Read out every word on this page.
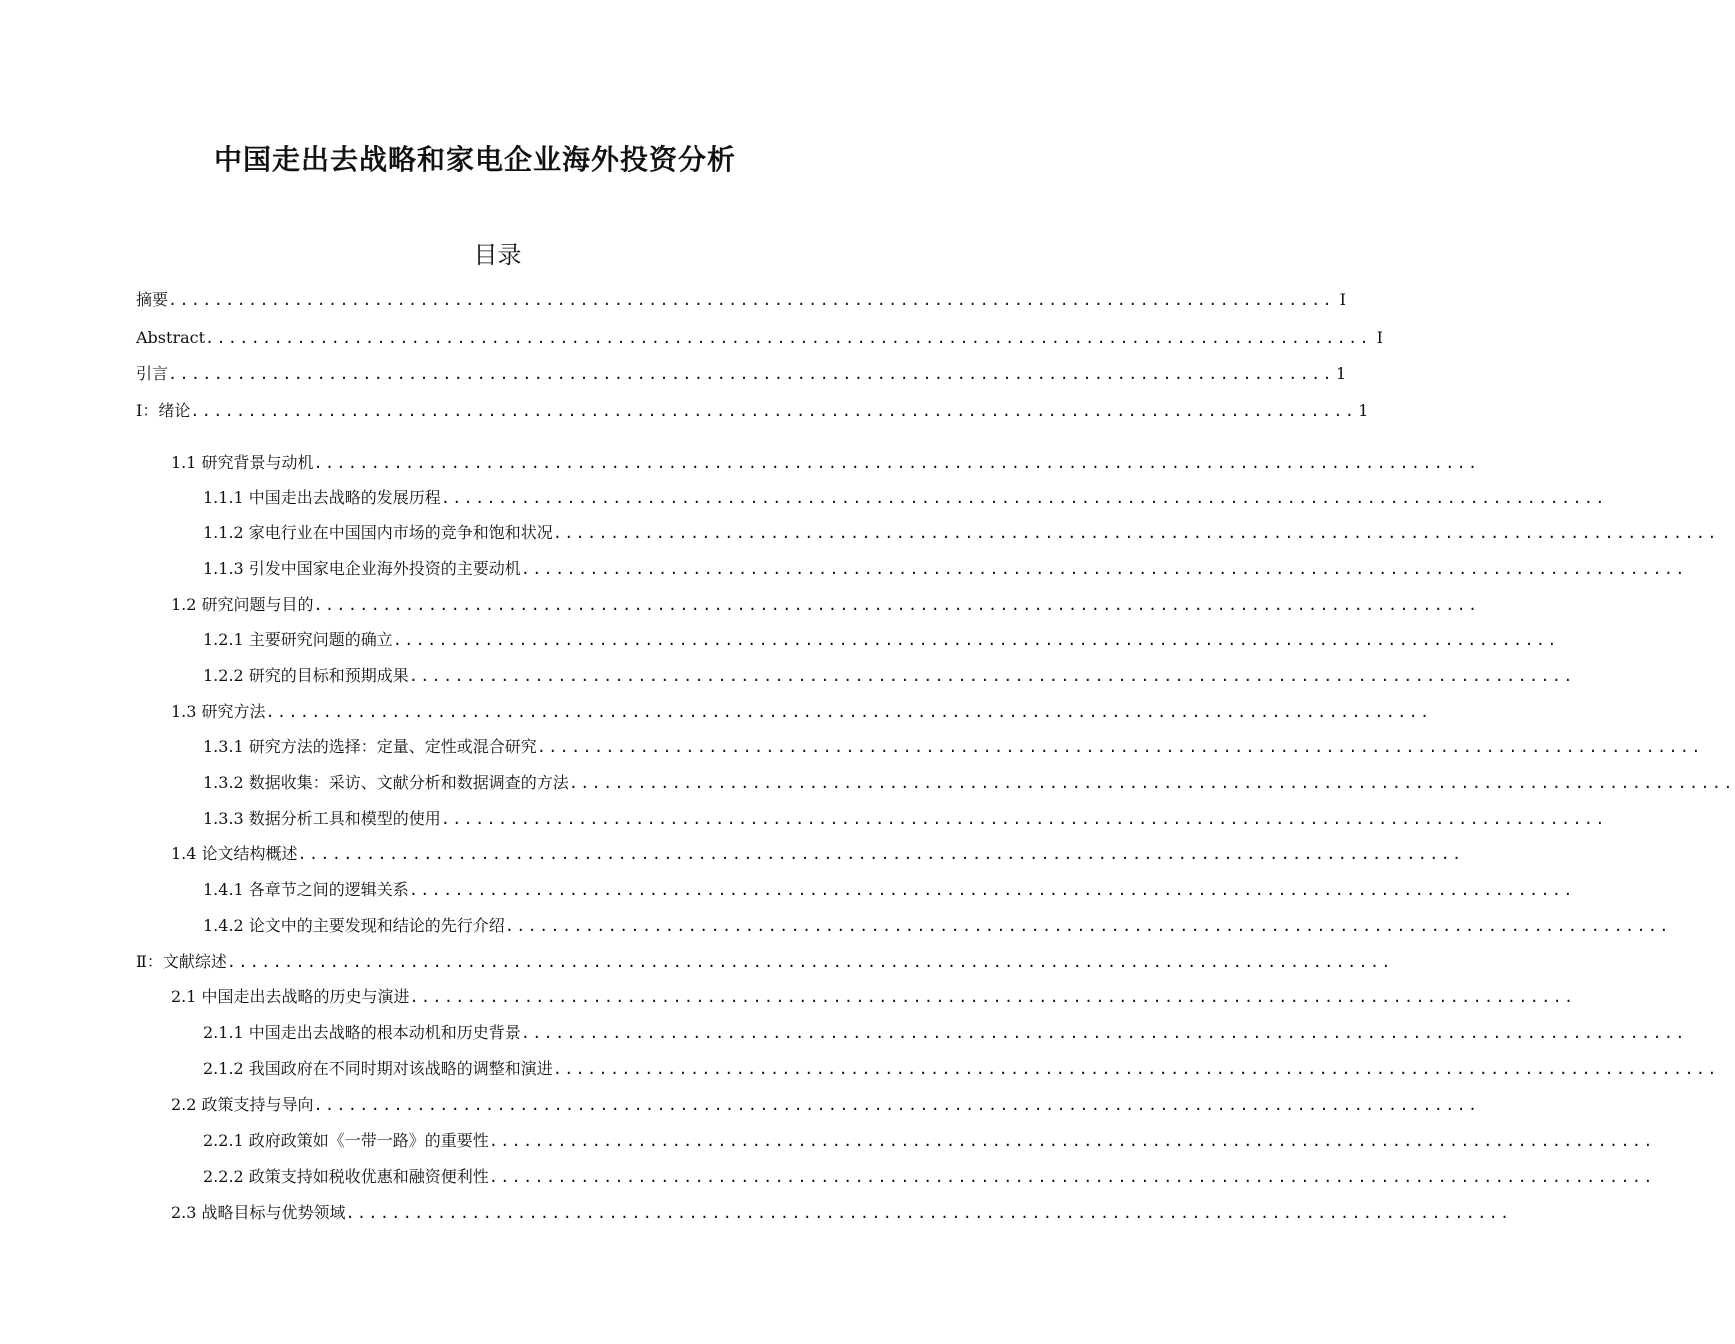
中国走出去战略和家电企业海外投资分析
目录
摘要 ...................................................................................................... Ⅰ
Abstract ...................................................................................................... Ⅰ
引言 ...................................................................................................... 1
Ⅰ：绪论 ...................................................................................................... 1
1.1 研究背景与动机 ......................................................................................................
1.1.1 中国走出去战略的发展历程 ......................................................................................................
1.1.2 家电行业在中国国内市场的竞争和饱和状况 ......................................................................................................
1.1.3 引发中国家电企业海外投资的主要动机 ......................................................................................................
1.2 研究问题与目的 ......................................................................................................
1.2.1 主要研究问题的确立 ......................................................................................................
1.2.2 研究的目标和预期成果 ......................................................................................................
1.3 研究方法 ......................................................................................................
1.3.1 研究方法的选择：定量、定性或混合研究 ......................................................................................................
1.3.2 数据收集：采访、文献分析和数据调查的方法 ......................................................................................................
1.3.3 数据分析工具和模型的使用 ......................................................................................................
1.4 论文结构概述 ......................................................................................................
1.4.1 各章节之间的逻辑关系 ......................................................................................................
1.4.2 论文中的主要发现和结论的先行介绍 ......................................................................................................
Ⅱ：文献综述 ......................................................................................................
2.1 中国走出去战略的历史与演进 ......................................................................................................
2.1.1 中国走出去战略的根本动机和历史背景 ......................................................................................................
2.1.2 我国政府在不同时期对该战略的调整和演进 ......................................................................................................
2.2 政策支持与导向 ......................................................................................................
2.2.1 政府政策如《一带一路》的重要性 ......................................................................................................
2.2.2 政策支持如税收优惠和融资便利性 ......................................................................................................
2.3 战略目标与优势领域 ......................................................................................................
